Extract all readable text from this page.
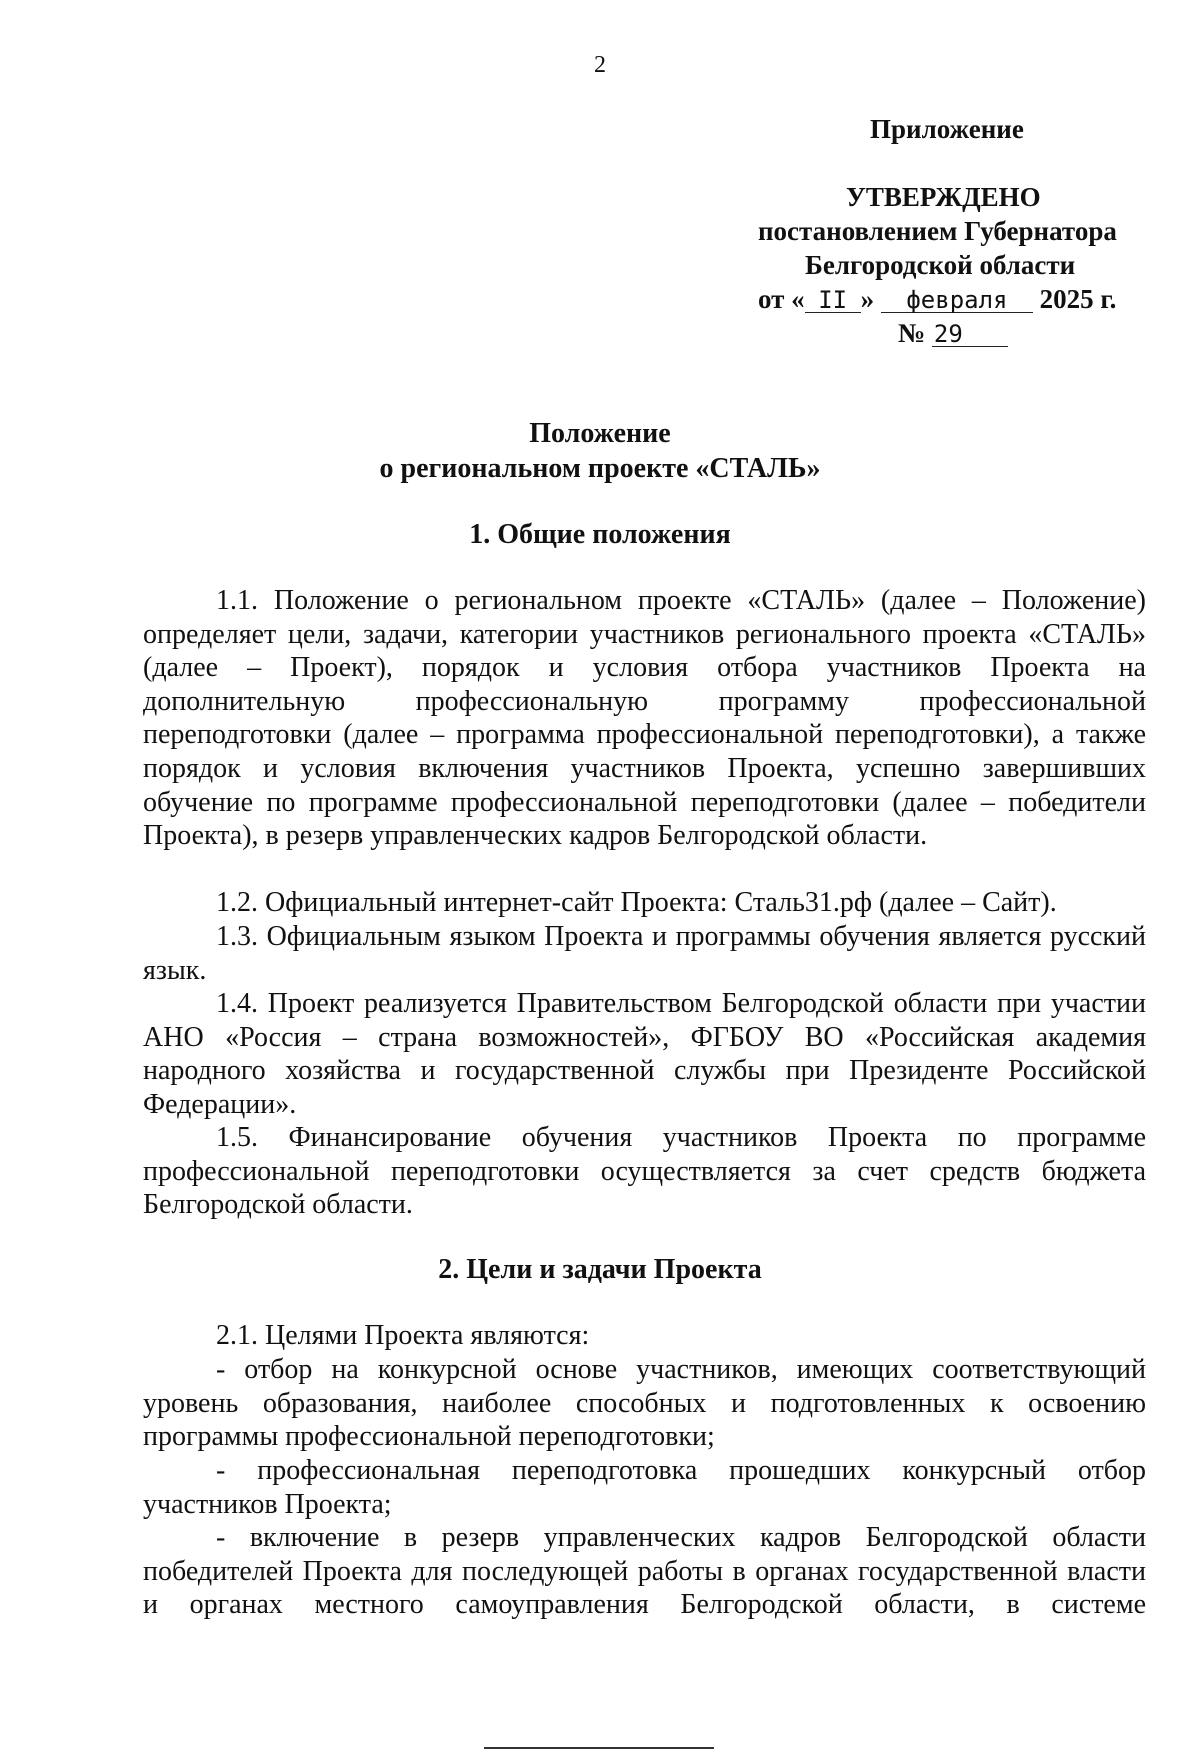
2
Приложение
УТВЕРЖДЕНО
постановлением Губернатора
Белгородской области
от « II » февраля 2025 г.
№ 29
Положение
о региональном проекте «СТАЛЬ»
1. Общие положения
1.1. Положение о региональном проекте «СТАЛЬ» (далее – Положение) определяет цели, задачи, категории участников регионального проекта «СТАЛЬ» (далее – Проект), порядок и условия отбора участников Проекта на дополнительную профессиональную программу профессиональной переподготовки (далее – программа профессиональной переподготовки), а также порядок и условия включения участников Проекта, успешно завершивших обучение по программе профессиональной переподготовки (далее – победители Проекта), в резерв управленческих кадров Белгородской области.
1.2. Официальный интернет-сайт Проекта: Сталь31.рф (далее – Сайт).
1.3. Официальным языком Проекта и программы обучения является русский язык.
1.4. Проект реализуется Правительством Белгородской области при участии АНО «Россия – страна возможностей», ФГБОУ ВО «Российская академия народного хозяйства и государственной службы при Президенте Российской Федерации».
1.5. Финансирование обучения участников Проекта по программе профессиональной переподготовки осуществляется за счет средств бюджета Белгородской области.
2. Цели и задачи Проекта
2.1. Целями Проекта являются:
- отбор на конкурсной основе участников, имеющих соответствующий уровень образования, наиболее способных и подготовленных к освоению программы профессиональной переподготовки;
- профессиональная переподготовка прошедших конкурсный отбор участников Проекта;
- включение в резерв управленческих кадров Белгородской области победителей Проекта для последующей работы в органах государственной власти и органах местного самоуправления Белгородской области, в системе
